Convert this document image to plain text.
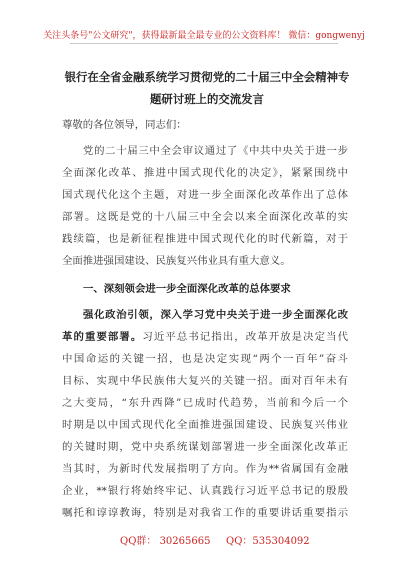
关注头条号"公文研究"，获得最新最全最专业的公文资料库！ 微信：gongwenyj
银行在全省金融系统学习贯彻党的二十届三中全会精神专
题研讨班上的交流发言
尊敬的各位领导，同志们：
党的二十届三中全会审议通过了《中共中央关于进一步
全面深化改革、推进中国式现代化的决定》，紧紧围绕中
国式现代化这个主题，对进一步全面深化改革作出了总体
部署。这既是党的十八届三中全会以来全面深化改革的实
践续篇，也是新征程推进中国式现代化的时代新篇，对于
全面推进强国建设、民族复兴伟业具有重大意义。
一、深刻领会进一步全面深化改革的总体要求
强化政治引领，深入学习党中央关于进一步全面深化改
革的重要部署。习近平总书记指出，改革开放是决定当代
中国命运的关键一招，也是决定实现“两个一百年”奋斗
目标、实现中华民族伟大复兴的关键一招。面对百年未有
之大变局，“东升西降”已成时代趋势，当前和今后一个
时期是以中国式现代化全面推进强国建设、民族复兴伟业
的关键时期，党中央系统谋划部署进一步全面深化改革正
当其时，为新时代发展指明了方向。作为**省属国有金融
企业，**银行将始终牢记、认真践行习近平总书记的殷殷
嘱托和谆谆教诲，特别是对我省工作的重要讲话重要指示
QQ群： 30265665 QQ：535304092
